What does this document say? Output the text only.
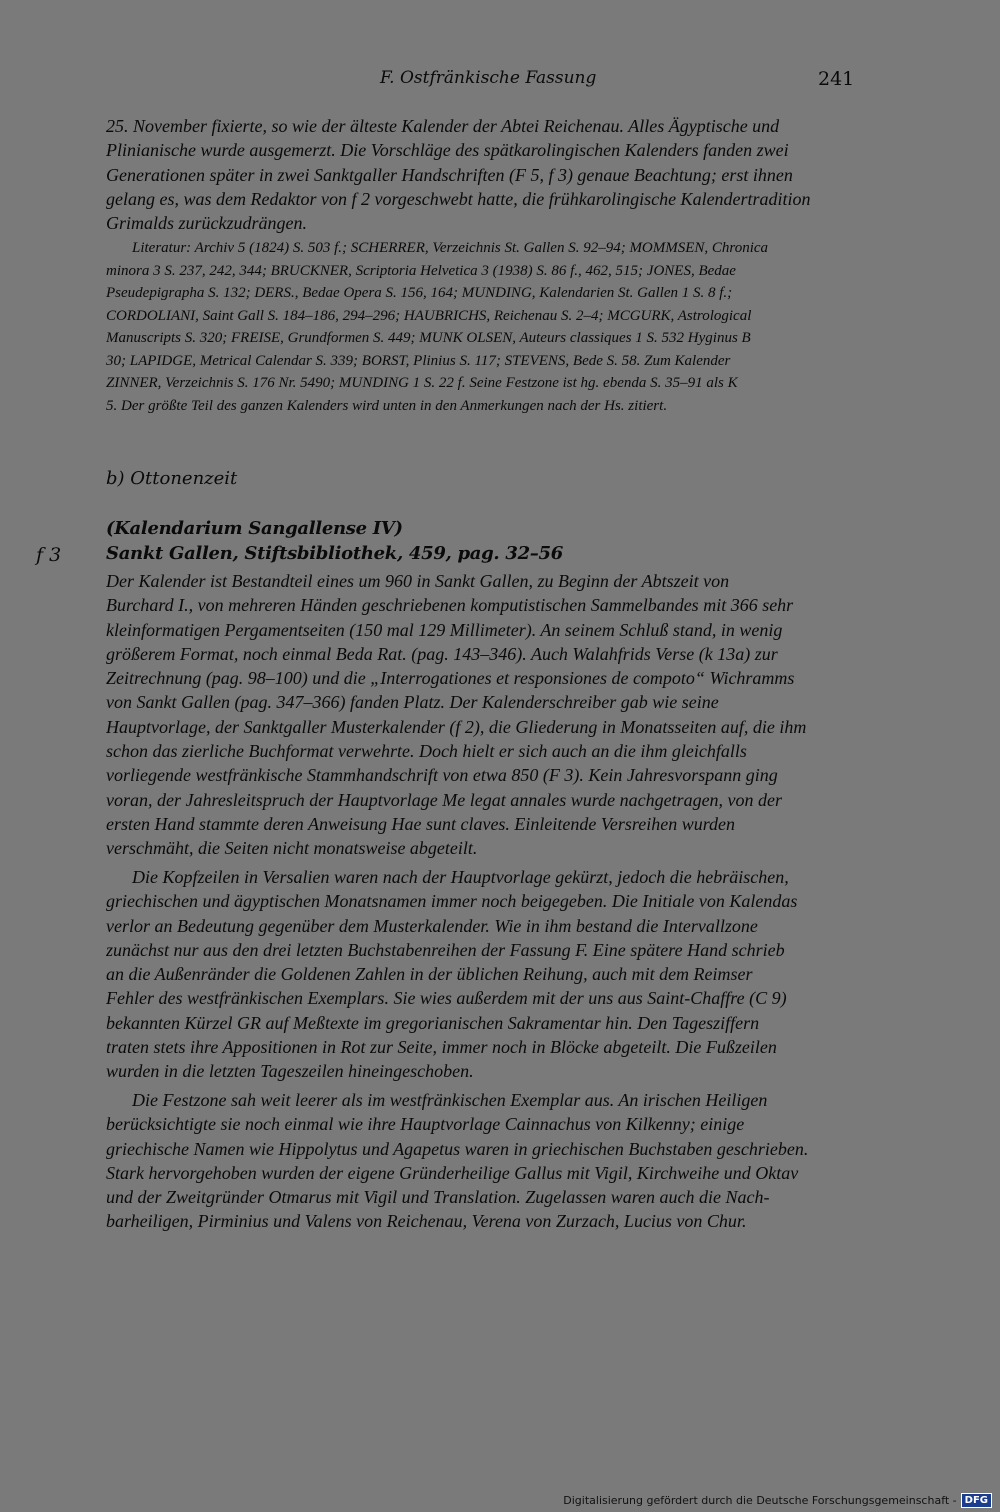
F. Ostfränkische Fassung	241
25. November fixierte, so wie der älteste Kalender der Abtei Reichenau. Alles Ägyptische und
Plinianische wurde ausgemerzt. Die Vorschläge des spätkarolingischen Kalenders fanden zwei
Generationen später in zwei Sanktgaller Handschriften (F 5, f 3) genaue Beachtung; erst ihnen
gelang es, was dem Redaktor von f 2 vorgeschwebt hatte, die frühkarolingische Kalendertradition
Grimalds zurückzudrängen.
Literatur: Archiv 5 (1824) S. 503 f.; SCHERRER, Verzeichnis St. Gallen S. 92–94; MOMMSEN, Chronica
minora 3 S. 237, 242, 344; BRUCKNER, Scriptoria Helvetica 3 (1938) S. 86 f., 462, 515; JONES, Bedae
Pseudepigrapha S. 132; DERS., Bedae Opera S. 156, 164; MUNDING, Kalendarien St. Gallen 1 S. 8 f.;
CORDOLIANI, Saint Gall S. 184–186, 294–296; HAUBRICHS, Reichenau S. 2–4; MCGURK, Astrological
Manuscripts S. 320; FREISE, Grundformen S. 449; MUNK OLSEN, Auteurs classiques 1 S. 532 Hyginus B
30; LAPIDGE, Metrical Calendar S. 339; BORST, Plinius S. 117; STEVENS, Bede S. 58. Zum Kalender
ZINNER, Verzeichnis S. 176 Nr. 5490; MUNDING 1 S. 22 f. Seine Festzone ist hg. ebenda S. 35–91 als K
5. Der größte Teil des ganzen Kalenders wird unten in den Anmerkungen nach der Hs. zitiert.
b) Ottonenzeit
(Kalendarium Sangallense IV)
f 3 Sankt Gallen, Stiftsbibliothek, 459, pag. 32–56
Der Kalender ist Bestandteil eines um 960 in Sankt Gallen, zu Beginn der Abtszeit von
Burchard I., von mehreren Händen geschriebenen komputistischen Sammelbandes mit 366 sehr
kleinformatigen Pergamentseiten (150 mal 129 Millimeter). An seinem Schluß stand, in wenig
größerem Format, noch einmal Beda Rat. (pag. 143–346). Auch Walahfrids Verse (k 13a) zur
Zeitrechnung (pag. 98–100) und die „Interrogationes et responsiones de compoto“ Wichramms
von Sankt Gallen (pag. 347–366) fanden Platz. Der Kalenderschreiber gab wie seine
Hauptvorlage, der Sanktgaller Musterkalender (f 2), die Gliederung in Monatsseiten auf, die ihm
schon das zierliche Buchformat verwehrte. Doch hielt er sich auch an die ihm gleichfalls
vorliegende westfränkische Stammhandschrift von etwa 850 (F 3). Kein Jahresvorspann ging
voran, der Jahresleitspruch der Hauptvorlage Me legat annales wurde nachgetragen, von der
ersten Hand stammte deren Anweisung Hae sunt claves. Einleitende Versreihen wurden
verschmäht, die Seiten nicht monatsweise abgeteilt.
Die Kopfzeilen in Versalien waren nach der Hauptvorlage gekürzt, jedoch die hebräischen,
griechischen und ägyptischen Monatsnamen immer noch beigegeben. Die Initiale von Kalendas
verlor an Bedeutung gegenüber dem Musterkalender. Wie in ihm bestand die Intervallzone
zunächst nur aus den drei letzten Buchstabenreihen der Fassung F. Eine spätere Hand schrieb
an die Außenränder die Goldenen Zahlen in der üblichen Reihung, auch mit dem Reimser
Fehler des westfränkischen Exemplars. Sie wies außerdem mit der uns aus Saint-Chaffre (C 9)
bekannten Kürzel GR auf Meßtexte im gregorianischen Sakramentar hin. Den Tagesziffern
traten stets ihre Appositionen in Rot zur Seite, immer noch in Blöcke abgeteilt. Die Fußzeilen
wurden in die letzten Tageszeilen hineingeschoben.
Die Festzone sah weit leerer als im westfränkischen Exemplar aus. An irischen Heiligen
berücksichtigte sie noch einmal wie ihre Hauptvorlage Cainnachus von Kilkenny; einige
griechische Namen wie Hippolytus und Agapetus waren in griechischen Buchstaben geschrieben.
Stark hervorgehoben wurden der eigene Gründerheilige Gallus mit Vigil, Kirchweihe und Oktav
und der Zweitgründer Otmarus mit Vigil und Translation. Zugelassen waren auch die Nach-
barheiligen, Pirminius und Valens von Reichenau, Verena von Zurzach, Lucius von Chur.
Digitalisierung gefördert durch die Deutsche Forschungsgemeinschaft - DFG
